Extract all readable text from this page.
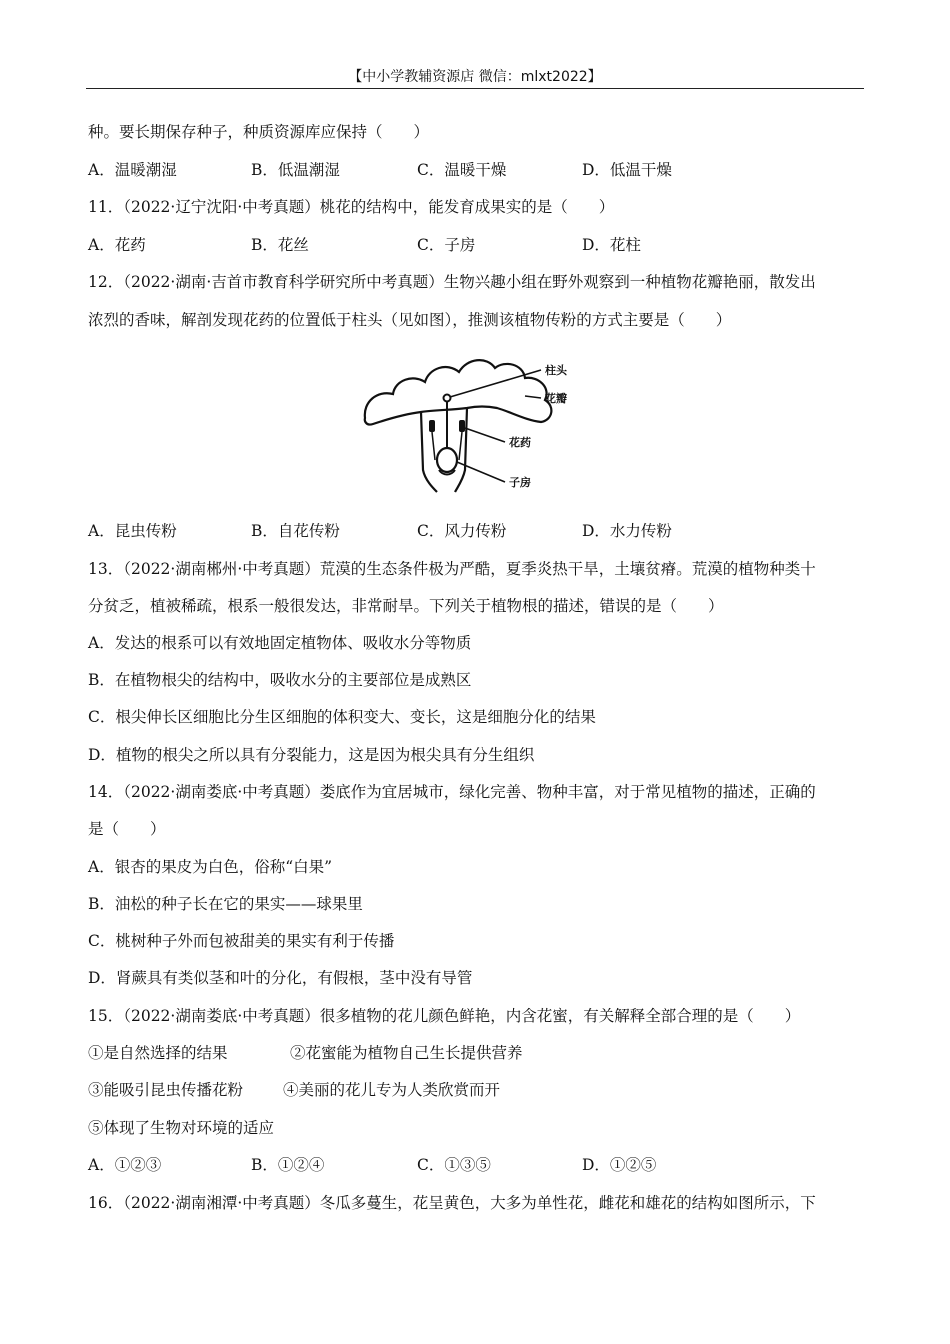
【中小学教辅资源店 微信：mlxt2022】
种。要长期保存种子，种质资源库应保持（　　）
A．温暖潮湿	B．低温潮湿	C．温暖干燥	D．低温干燥
11．（2022·辽宁沈阳·中考真题）桃花的结构中，能发育成果实的是（　　）
A．花药	B．花丝	C．子房	D．花柱
12．（2022·湖南·吉首市教育科学研究所中考真题）生物兴趣小组在野外观察到一种植物花瓣艳丽，散发出
浓烈的香味，解剖发现花药的位置低于柱头（见如图），推测该植物传粉的方式主要是（　　）
柱头
花瓣
花药
子房
A．昆虫传粉	B．自花传粉	C．风力传粉	D．水力传粉
13．（2022·湖南郴州·中考真题）荒漠的生态条件极为严酷，夏季炎热干旱，土壤贫瘠。荒漠的植物种类十
分贫乏，植被稀疏，根系一般很发达，非常耐旱。下列关于植物根的描述，错误的是（　　）
A．发达的根系可以有效地固定植物体、吸收水分等物质
B．在植物根尖的结构中，吸收水分的主要部位是成熟区
C．根尖伸长区细胞比分生区细胞的体积变大、变长，这是细胞分化的结果
D．植物的根尖之所以具有分裂能力，这是因为根尖具有分生组织
14．（2022·湖南娄底·中考真题）娄底作为宜居城市，绿化完善、物种丰富，对于常见植物的描述，正确的
是（　　）
A．银杏的果皮为白色，俗称“白果”
B．油松的种子长在它的果实——球果里
C．桃树种子外而包被甜美的果实有利于传播
D．肾蕨具有类似茎和叶的分化，有假根，茎中没有导管
15．（2022·湖南娄底·中考真题）很多植物的花儿颜色鲜艳，内含花蜜，有关解释全部合理的是（　　）
①是自然选择的结果	②花蜜能为植物自己生长提供营养
③能吸引昆虫传播花粉	④美丽的花儿专为人类欣赏而开
⑤体现了生物对环境的适应
A．①②③	B．①②④	C．①③⑤	D．①②⑤
16．（2022·湖南湘潭·中考真题）冬瓜多蔓生，花呈黄色，大多为单性花，雌花和雄花的结构如图所示，下
